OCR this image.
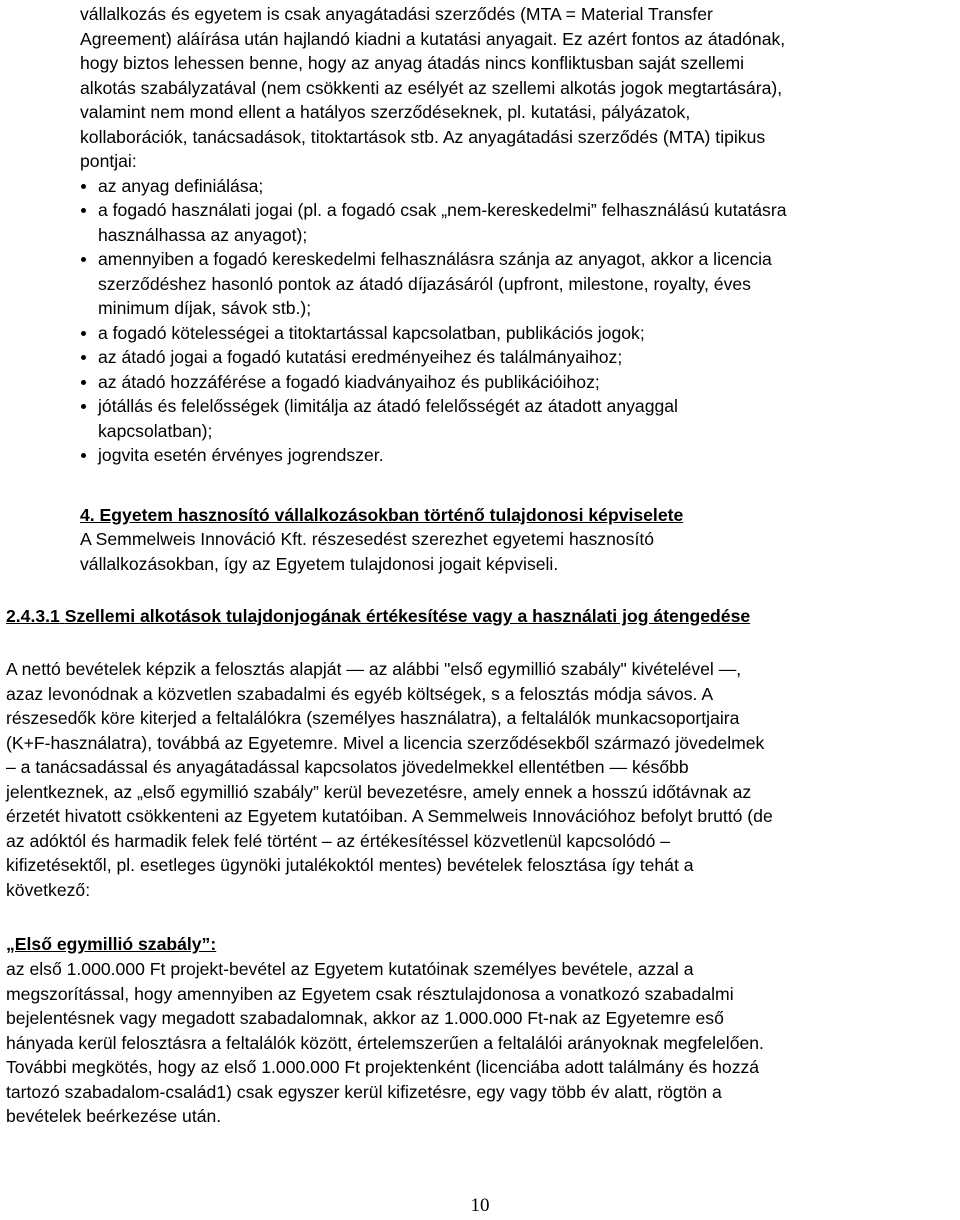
vállalkozás és egyetem is csak anyagátadási szerződés (MTA = Material Transfer
Agreement) aláírása után hajlandó kiadni a kutatási anyagait. Ez azért fontos az átadónak,
hogy biztos lehessen benne, hogy az anyag átadás nincs konfliktusban saját szellemi
alkotás szabályzatával (nem csökkenti az esélyét az szellemi alkotás jogok megtartására),
valamint nem mond ellent a hatályos szerződéseknek, pl. kutatási, pályázatok,
kollaborációk, tanácsadások, titoktartások stb. Az anyagátadási szerződés (MTA) tipikus
pontjai:
az anyag definiálása;
a fogadó használati jogai (pl. a fogadó csak „nem-kereskedelmi” felhasználású kutatásra
használhassa az anyagot);
amennyiben a fogadó kereskedelmi felhasználásra szánja az anyagot, akkor a licencia
szerződéshez hasonló pontok az átadó díjazásáról (upfront, milestone, royalty, éves
minimum díjak, sávok stb.);
a fogadó kötelességei a titoktartással kapcsolatban, publikációs jogok;
az átadó jogai a fogadó kutatási eredményeihez és találmányaihoz;
az átadó hozzáférése a fogadó kiadványaihoz és publikációihoz;
jótállás és felelősségek (limitálja az átadó felelősségét az átadott anyaggal
kapcsolatban);
jogvita esetén érvényes jogrendszer.
4. Egyetem hasznosító vállalkozásokban történő tulajdonosi képviselete
A Semmelweis Innováció Kft. részesedést szerezhet egyetemi hasznosító
vállalkozásokban, így az Egyetem tulajdonosi jogait képviseli.
2.4.3.1 Szellemi alkotások tulajdonjogának értékesítése vagy a használati jog átengedése

A nettó bevételek képzik a felosztás alapját — az alábbi "első egymillió szabály" kivételével —,

azaz levonódnak a közvetlen szabadalmi és egyéb költségek, s a felosztás módja sávos. A

részesedők köre kiterjed a feltalálókra (személyes használatra), a feltalálók munkacsoportjaira

(K+F-használatra), továbbá az Egyetemre. Mivel a licencia szerződésekből származó jövedelmek

– a tanácsadással és anyagátadással kapcsolatos jövedelmekkel ellentétben — később

jelentkeznek, az „első egymillió szabály” kerül bevezetésre, amely ennek a hosszú időtávnak az

érzetét hivatott csökkenteni az Egyetem kutatóiban. A Semmelweis Innovációhoz befolyt bruttó (de

az adóktól és harmadik felek felé történt – az értékesítéssel közvetlenül kapcsolódó –

kifizetésektől, pl. esetleges ügynöki jutalékoktól mentes) bevételek felosztása így tehát a

következő:

„Első egymillió szabály”:

az első 1.000.000 Ft projekt-bevétel az Egyetem kutatóinak személyes bevétele, azzal a

megszorítással, hogy amennyiben az Egyetem csak résztulajdonosa a vonatkozó szabadalmi

bejelentésnek vagy megadott szabadalomnak, akkor az 1.000.000 Ft-nak az Egyetemre eső

hányada kerül felosztásra a feltalálók között, értelemszerűen a feltalálói arányoknak megfelelően.

További megkötés, hogy az első 1.000.000 Ft projektenként (licenciába adott találmány és hozzá

tartozó szabadalom-család1) csak egyszer kerül kifizetésre, egy vagy több év alatt, rögtön a

bevételek beérkezése után.

10
